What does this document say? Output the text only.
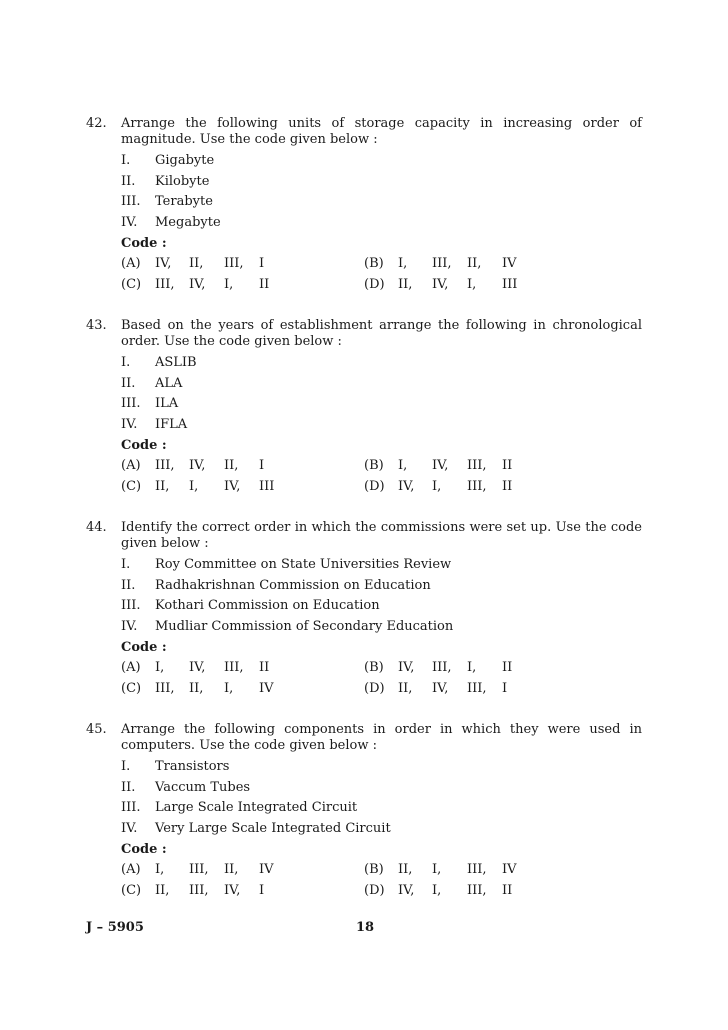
42.	Arrange the following units of storage capacity in increasing order of magnitude. Use the code given below :
I. Gigabyte
II. Kilobyte
III. Terabyte
IV. Megabyte
Code :
(A) IV, II, III, I	(B) I, III, II, IV
(C) III, IV, I, II	(D) II, IV, I, III
43.	Based on the years of establishment arrange the following in chronological order. Use the code given below :
I. ASLIB
II. ALA
III. ILA
IV. IFLA
Code :
(A) III, IV, II, I	(B) I, IV, III, II
(C) II, I, IV, III	(D) IV, I, III, II
44.	Identify the correct order in which the commissions were set up. Use the code given below :
I. Roy Committee on State Universities Review
II. Radhakrishnan Commission on Education
III. Kothari Commission on Education
IV. Mudliar Commission of Secondary Education
Code :
(A) I, IV, III, II	(B) IV, III, I, II
(C) III, II, I, IV	(D) II, IV, III, I
45.	Arrange the following components in order in which they were used in computers. Use the code given below :
I. Transistors
II. Vaccum Tubes
III. Large Scale Integrated Circuit
IV. Very Large Scale Integrated Circuit
Code :
(A) I, III, II, IV	(B) II, I, III, IV
(C) II, III, IV, I	(D) IV, I, III, II
J – 5905	18
